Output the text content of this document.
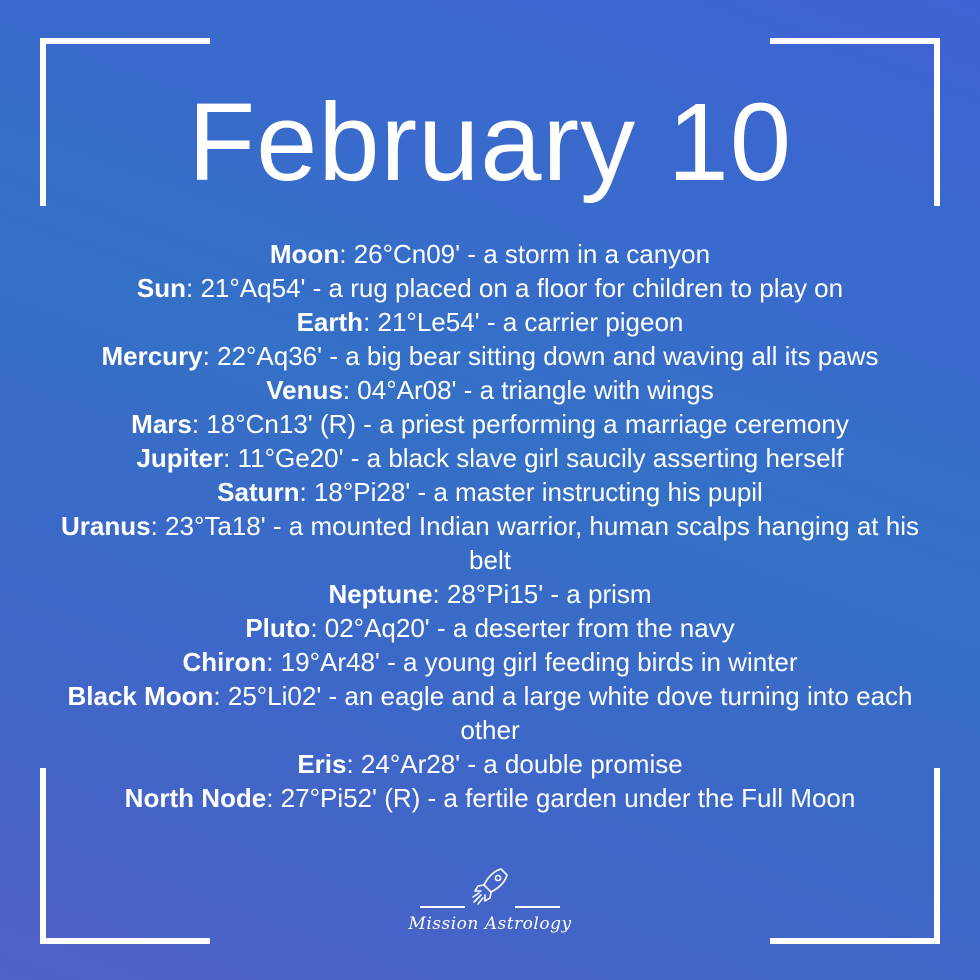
February 10
Moon: 26°Cn09' - a storm in a canyon
Sun: 21°Aq54' - a rug placed on a floor for children to play on
Earth: 21°Le54' - a carrier pigeon
Mercury: 22°Aq36' - a big bear sitting down and waving all its paws
Venus: 04°Ar08' - a triangle with wings
Mars: 18°Cn13' (R) - a priest performing a marriage ceremony
Jupiter: 11°Ge20' - a black slave girl saucily asserting herself
Saturn: 18°Pi28' - a master instructing his pupil
Uranus: 23°Ta18' - a mounted Indian warrior, human scalps hanging at his belt
Neptune: 28°Pi15' - a prism
Pluto: 02°Aq20' - a deserter from the navy
Chiron: 19°Ar48' - a young girl feeding birds in winter
Black Moon: 25°Li02' - an eagle and a large white dove turning into each other
Eris: 24°Ar28' - a double promise
North Node: 27°Pi52' (R) - a fertile garden under the Full Moon
Mission Astrology
